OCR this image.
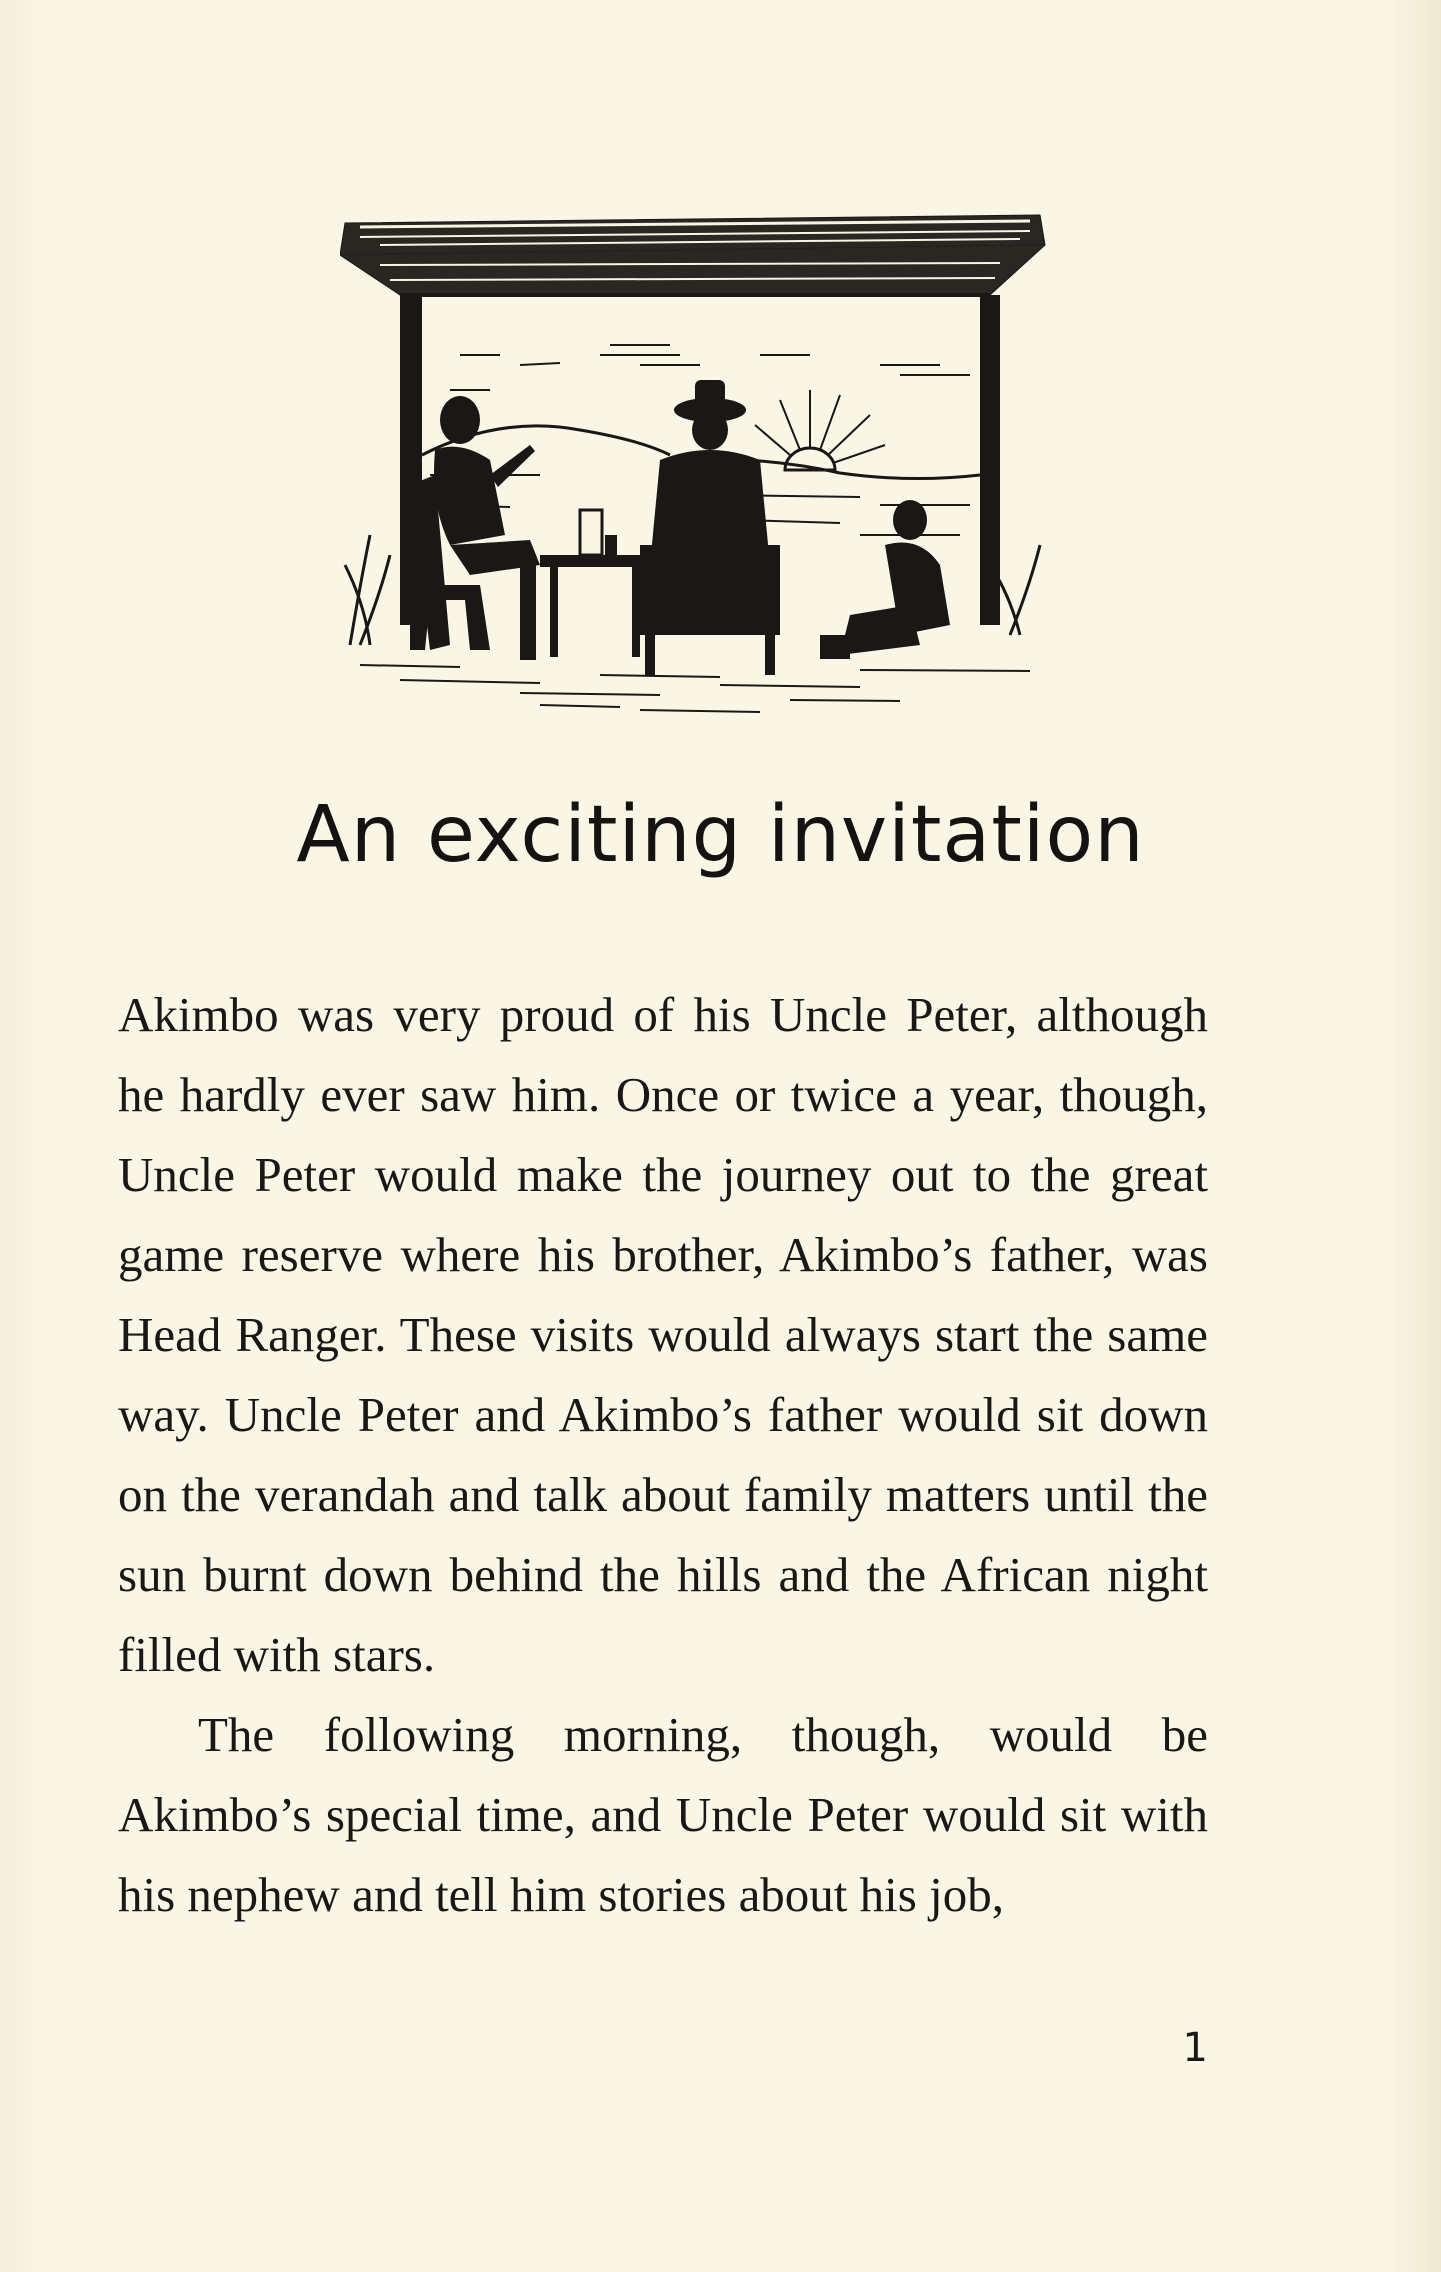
An exciting invitation

Akimbo was very proud of his Uncle Peter, although he hardly ever saw him. Once or twice a year, though, Uncle Peter would make the journey out to the great game reserve where his brother, Akimbo’s father, was Head Ranger. These visits would always start the same way. Uncle Peter and Akimbo’s father would sit down on the verandah and talk about family matters until the sun burnt down behind the hills and the African night filled with stars.

The following morning, though, would be Akimbo’s special time, and Uncle Peter would sit with his nephew and tell him stories about his job,

1
